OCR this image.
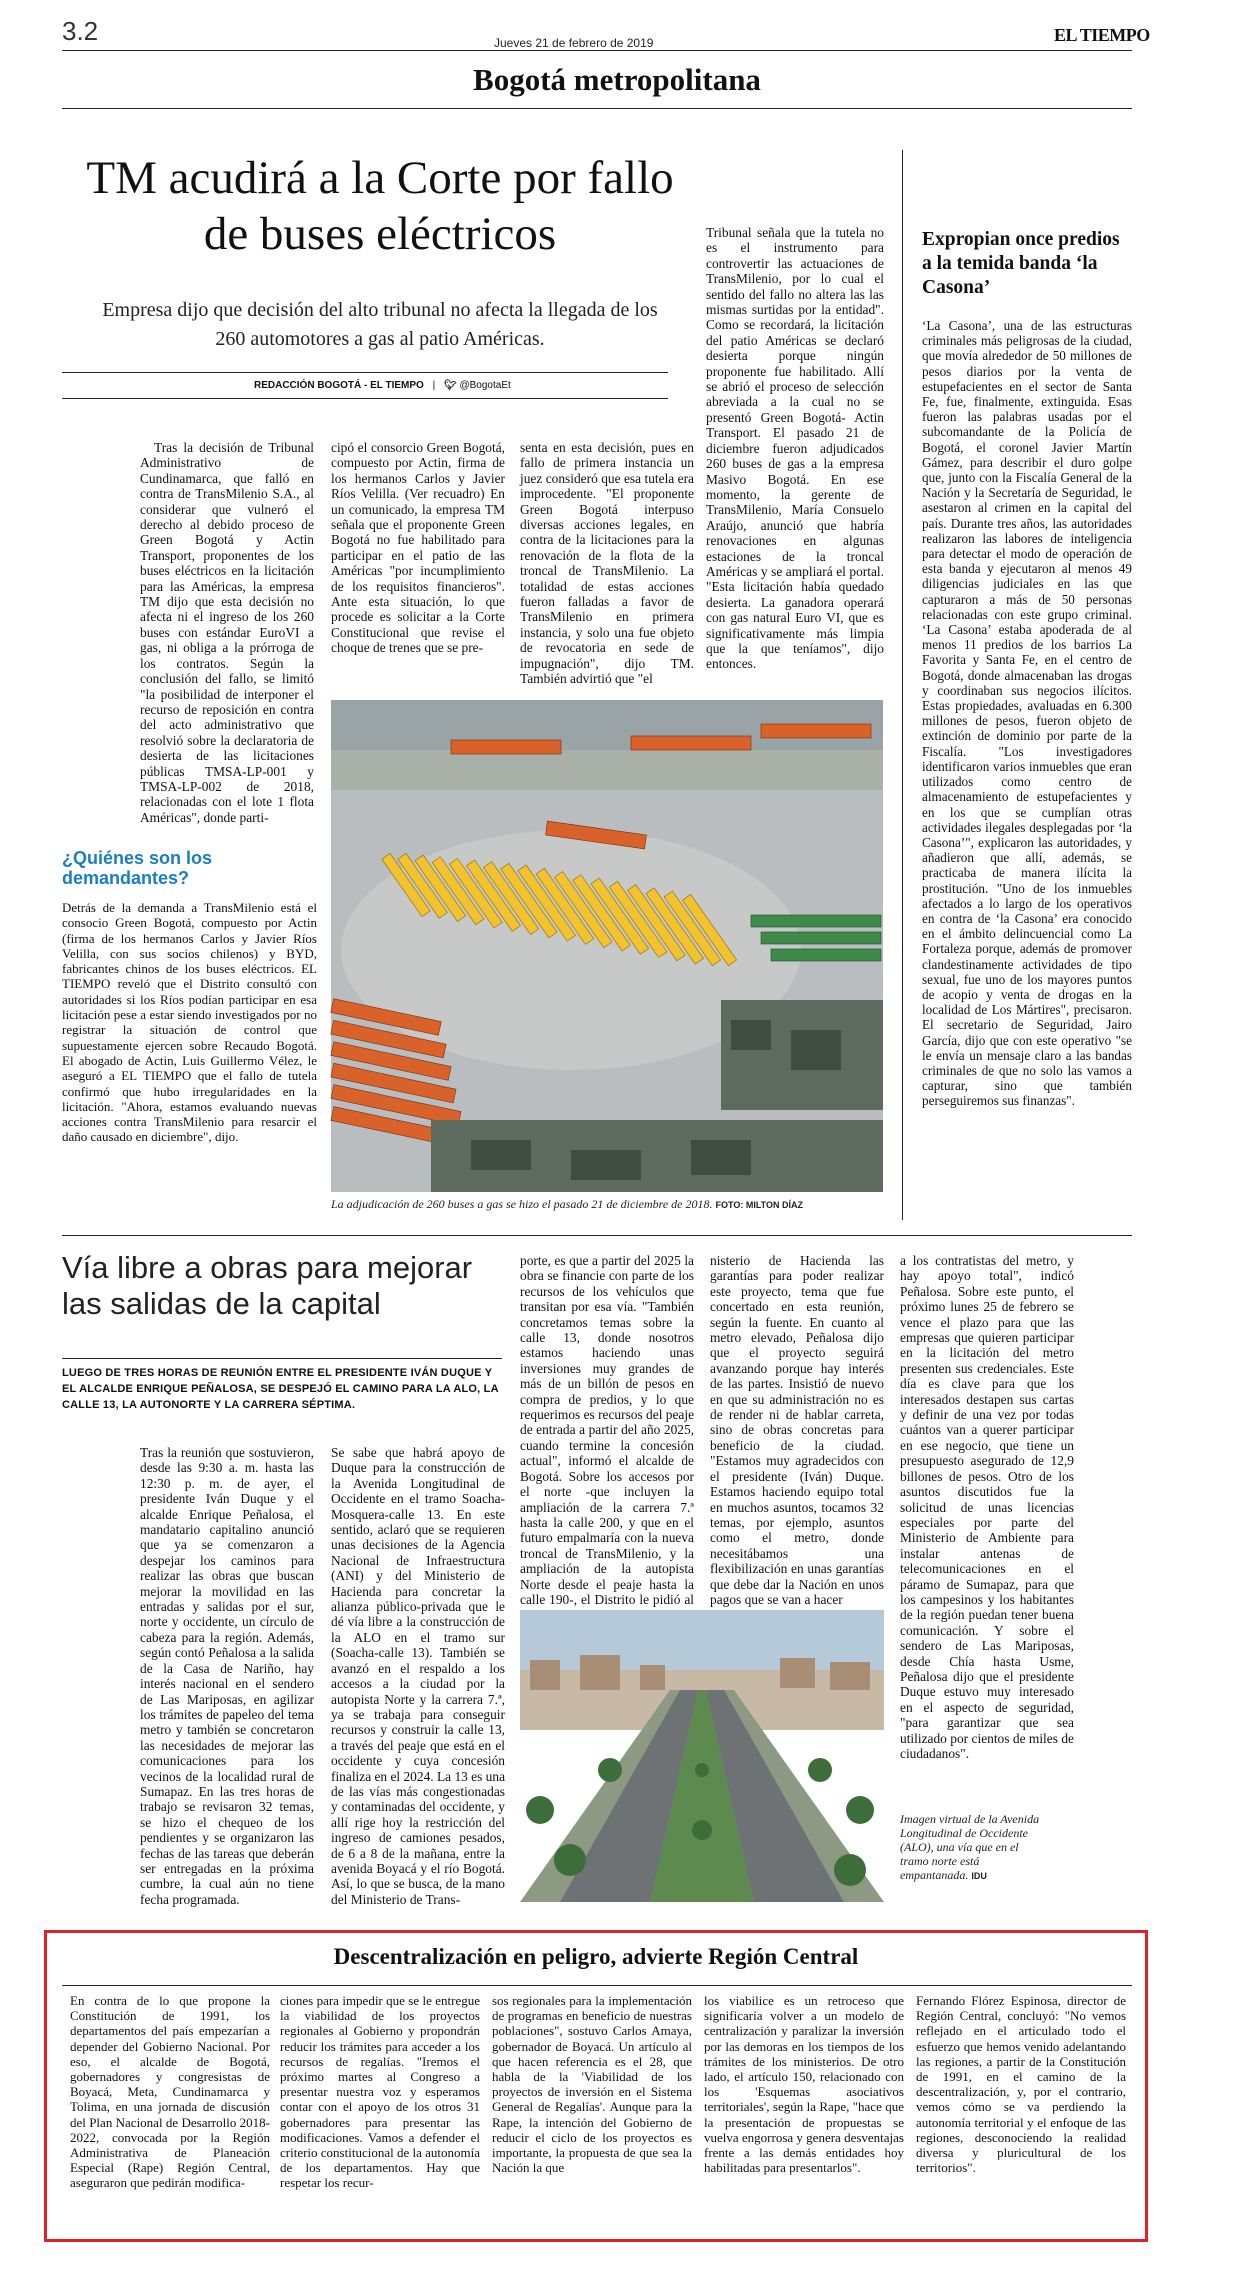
3.2	Jueves 21 de febrero de 2019	EL TIEMPO
Bogotá metropolitana
TM acudirá a la Corte por fallo de buses eléctricos
Empresa dijo que decisión del alto tribunal no afecta la llegada de los 260 automotores a gas al patio Américas.
REDACCIÓN BOGOTÁ - EL TIEMPO | 🐦︎ @BogotaEt
Tras la decisión de Tribunal Administrativo de Cundinamarca, que falló en contra de TransMilenio S.A., al considerar que vulneró el derecho al debido proceso de Green Bogotá y Actin Transport, proponentes de los buses eléctricos en la licitación para las Américas, la empresa TM dijo que esta decisión no afecta ni el ingreso de los 260 buses con estándar EuroVI a gas, ni obliga a la prórroga de los contratos. Según la conclusión del fallo, se limitó "la posibilidad de interponer el recurso de reposición en contra del acto administrativo que resolvió sobre la declaratoria de desierta de las licitaciones públicas TMSA-LP-001 y TMSA-LP-002 de 2018, relacionadas con el lote 1 flota Américas", donde parti-
cipó el consorcio Green Bogotá, compuesto por Actin, firma de los hermanos Carlos y Javier Ríos Velilla. (Ver recuadro) En un comunicado, la empresa TM señala que el proponente Green Bogotá no fue habilitado para participar en el patio de las Américas "por incumplimiento de los requisitos financieros". Ante esta situación, lo que procede es solicitar a la Corte Constitucional que revise el choque de trenes que se pre-
senta en esta decisión, pues en fallo de primera instancia un juez consideró que esa tutela era improcedente. "El proponente Green Bogotá interpuso diversas acciones legales, en contra de la licitaciones para la renovación de la flota de la troncal de TransMilenio. La totalidad de estas acciones fueron falladas a favor de TransMilenio en primera instancia, y solo una fue objeto de revocatoria en sede de impugnación", dijo TM. También advirtió que "el
Tribunal señala que la tutela no es el instrumento para controvertir las actuaciones de TransMilenio, por lo cual el sentido del fallo no altera las las mismas surtidas por la entidad". Como se recordará, la licitación del patio Américas se declaró desierta porque ningún proponente fue habilitado. Allí se abrió el proceso de selección abreviada a la cual no se presentó Green Bogotá- Actin Transport. El pasado 21 de diciembre fueron adjudicados 260 buses de gas a la empresa Masivo Bogotá. En ese momento, la gerente de TransMilenio, María Consuelo Araújo, anunció que habría renovaciones en algunas estaciones de la troncal Américas y se ampliará el portal. "Esta licitación había quedado desierta. La ganadora operará con gas natural Euro VI, que es significativamente más limpia que la que teníamos", dijo entonces.
¿Quiénes son los demandantes?
Detrás de la demanda a TransMilenio está el consocio Green Bogotá, compuesto por Actin (firma de los hermanos Carlos y Javier Ríos Velilla, con sus socios chilenos) y BYD, fabricantes chinos de los buses eléctricos. EL TIEMPO reveló que el Distrito consultó con autoridades si los Ríos podían participar en esa licitación pese a estar siendo investigados por no registrar la situación de control que supuestamente ejercen sobre Recaudo Bogotá. El abogado de Actin, Luis Guillermo Vélez, le aseguró a EL TIEMPO que el fallo de tutela confirmó que hubo irregularidades en la licitación. "Ahora, estamos evaluando nuevas acciones contra TransMilenio para resarcir el daño causado en diciembre", dijo.
La adjudicación de 260 buses a gas se hizo el pasado 21 de diciembre de 2018. FOTO: MILTON DÍAZ
Expropian once predios a la temida banda ‘la Casona’
‘La Casona’, una de las estructuras criminales más peligrosas de la ciudad, que movía alrededor de 50 millones de pesos diarios por la venta de estupefacientes en el sector de Santa Fe, fue, finalmente, extinguida. Esas fueron las palabras usadas por el subcomandante de la Policía de Bogotá, el coronel Javier Martín Gámez, para describir el duro golpe que, junto con la Fiscalía General de la Nación y la Secretaría de Seguridad, le asestaron al crimen en la capital del país. Durante tres años, las autoridades realizaron las labores de inteligencia para detectar el modo de operación de esta banda y ejecutaron al menos 49 diligencias judiciales en las que capturaron a más de 50 personas relacionadas con este grupo criminal. ‘La Casona’ estaba apoderada de al menos 11 predios de los barrios La Favorita y Santa Fe, en el centro de Bogotá, donde almacenaban las drogas y coordinaban sus negocios ilícitos. Estas propiedades, avaluadas en 6.300 millones de pesos, fueron objeto de extinción de dominio por parte de la Fiscalía. "Los investigadores identificaron varios inmuebles que eran utilizados como centro de almacenamiento de estupefacientes y en los que se cumplían otras actividades ilegales desplegadas por ‘la Casona’", explicaron las autoridades, y añadieron que allí, además, se practicaba de manera ilícita la prostitución. "Uno de los inmuebles afectados a lo largo de los operativos en contra de ‘la Casona’ era conocido en el ámbito delincuencial como La Fortaleza porque, además de promover clandestinamente actividades de tipo sexual, fue uno de los mayores puntos de acopio y venta de drogas en la localidad de Los Mártires", precisaron. El secretario de Seguridad, Jairo García, dijo que con este operativo "se le envía un mensaje claro a las bandas criminales de que no solo las vamos a capturar, sino que también perseguiremos sus finanzas".
Vía libre a obras para mejorar las salidas de la capital
LUEGO DE TRES HORAS DE REUNIÓN ENTRE EL PRESIDENTE IVÁN DUQUE Y EL ALCALDE ENRIQUE PEÑALOSA, SE DESPEJÓ EL CAMINO PARA LA ALO, LA CALLE 13, LA AUTONORTE Y LA CARRERA SÉPTIMA.
Tras la reunión que sostuvieron, desde las 9:30 a. m. hasta las 12:30 p. m. de ayer, el presidente Iván Duque y el alcalde Enrique Peñalosa, el mandatario capitalino anunció que ya se comenzaron a despejar los caminos para realizar las obras que buscan mejorar la movilidad en las entradas y salidas por el sur, norte y occidente, un círculo de cabeza para la región. Además, según contó Peñalosa a la salida de la Casa de Nariño, hay interés nacional en el sendero de Las Mariposas, en agilizar los trámites de papeleo del tema metro y también se concretaron las necesidades de mejorar las comunicaciones para los vecinos de la localidad rural de Sumapaz. En las tres horas de trabajo se revisaron 32 temas, se hizo el chequeo de los pendientes y se organizaron las fechas de las tareas que deberán ser entregadas en la próxima cumbre, la cual aún no tiene fecha programada.
Se sabe que habrá apoyo de Duque para la construcción de la Avenida Longitudinal de Occidente en el tramo Soacha-Mosquera-calle 13. En este sentido, aclaró que se requieren unas decisiones de la Agencia Nacional de Infraestructura (ANI) y del Ministerio de Hacienda para concretar la alianza público-privada que le dé vía libre a la construcción de la ALO en el tramo sur (Soacha-calle 13). También se avanzó en el respaldo a los accesos a la ciudad por la autopista Norte y la carrera 7.ª, ya se trabaja para conseguir recursos y construir la calle 13, a través del peaje que está en el occidente y cuya concesión finaliza en el 2024. La 13 es una de las vías más congestionadas y contaminadas del occidente, y allí rige hoy la restricción del ingreso de camiones pesados, de 6 a 8 de la mañana, entre la avenida Boyacá y el río Bogotá. Así, lo que se busca, de la mano del Ministerio de Trans-
porte, es que a partir del 2025 la obra se financie con parte de los recursos de los vehículos que transitan por esa vía. "También concretamos temas sobre la calle 13, donde nosotros estamos haciendo unas inversiones muy grandes de más de un billón de pesos en compra de predios, y lo que requerimos es recursos del peaje de entrada a partir del año 2025, cuando termine la concesión actual", informó el alcalde de Bogotá. Sobre los accesos por el norte -que incluyen la ampliación de la carrera 7.ª hasta la calle 200, y que en el futuro empalmaría con la nueva troncal de TransMilenio, y la ampliación de la autopista Norte desde el peaje hasta la calle 190-, el Distrito le pidió al
nisterio de Hacienda las garantías para poder realizar este proyecto, tema que fue concertado en esta reunión, según la fuente. En cuanto al metro elevado, Peñalosa dijo que el proyecto seguirá avanzando porque hay interés de las partes. Insistió de nuevo en que su administración no es de render ni de hablar carreta, sino de obras concretas para beneficio de la ciudad. "Estamos muy agradecidos con el presidente (Iván) Duque. Estamos haciendo equipo total en muchos asuntos, tocamos 32 temas, por ejemplo, asuntos como el metro, donde necesitábamos una flexibilización en unas garantías que debe dar la Nación en unos pagos que se van a hacer
a los contratistas del metro, y hay apoyo total", indicó Peñalosa. Sobre este punto, el próximo lunes 25 de febrero se vence el plazo para que las empresas que quieren participar en la licitación del metro presenten sus credenciales. Este día es clave para que los interesados destapen sus cartas y definir de una vez por todas cuántos van a querer participar en ese negocio, que tiene un presupuesto asegurado de 12,9 billones de pesos. Otro de los asuntos discutidos fue la solicitud de unas licencias especiales por parte del Ministerio de Ambiente para instalar antenas de telecomunicaciones en el páramo de Sumapaz, para que los campesinos y los habitantes de la región puedan tener buena comunicación. Y sobre el sendero de Las Mariposas, desde Chía hasta Usme, Peñalosa dijo que el presidente Duque estuvo muy interesado en el aspecto de seguridad, "para garantizar que sea utilizado por cientos de miles de ciudadanos".
Imagen virtual de la Avenida Longitudinal de Occidente (ALO), una vía que en el tramo norte está empantanada. IDU
Descentralización en peligro, advierte Región Central
En contra de lo que propone la Constitución de 1991, los departamentos del país empezarían a depender del Gobierno Nacional. Por eso, el alcalde de Bogotá, gobernadores y congresistas de Boyacá, Meta, Cundinamarca y Tolima, en una jornada de discusión del Plan Nacional de Desarrollo 2018-2022, convocada por la Región Administrativa de Planeación Especial (Rape) Región Central, aseguraron que pedirán modifica-
ciones para impedir que se le entregue la viabilidad de los proyectos regionales al Gobierno y propondrán reducir los trámites para acceder a los recursos de regalías. "Iremos el próximo martes al Congreso a presentar nuestra voz y esperamos contar con el apoyo de los otros 31 gobernadores para presentar las modificaciones. Vamos a defender el criterio constitucional de la autonomía de los departamentos. Hay que respetar los recur-
sos regionales para la implementación de programas en beneficio de nuestras poblaciones", sostuvo Carlos Amaya, gobernador de Boyacá. Un artículo al que hacen referencia es el 28, que habla de la 'Viabilidad de los proyectos de inversión en el Sistema General de Regalías'. Aunque para la Rape, la intención del Gobierno de reducir el ciclo de los proyectos es importante, la propuesta de que sea la Nación la que
los viabilice es un retroceso que significaría volver a un modelo de centralización y paralizar la inversión por las demoras en los tiempos de los trámites de los ministerios. De otro lado, el artículo 150, relacionado con los 'Esquemas asociativos territoriales', según la Rape, "hace que la presentación de propuestas se vuelva engorrosa y genera desventajas frente a las demás entidades hoy habilitadas para presentarlos".
Fernando Flórez Espinosa, director de Región Central, concluyó: "No vemos reflejado en el articulado todo el esfuerzo que hemos venido adelantando las regiones, a partir de la Constitución de 1991, en el camino de la descentralización, y, por el contrario, vemos cómo se va perdiendo la autonomía territorial y el enfoque de las regiones, desconociendo la realidad diversa y pluricultural de los territorios".
